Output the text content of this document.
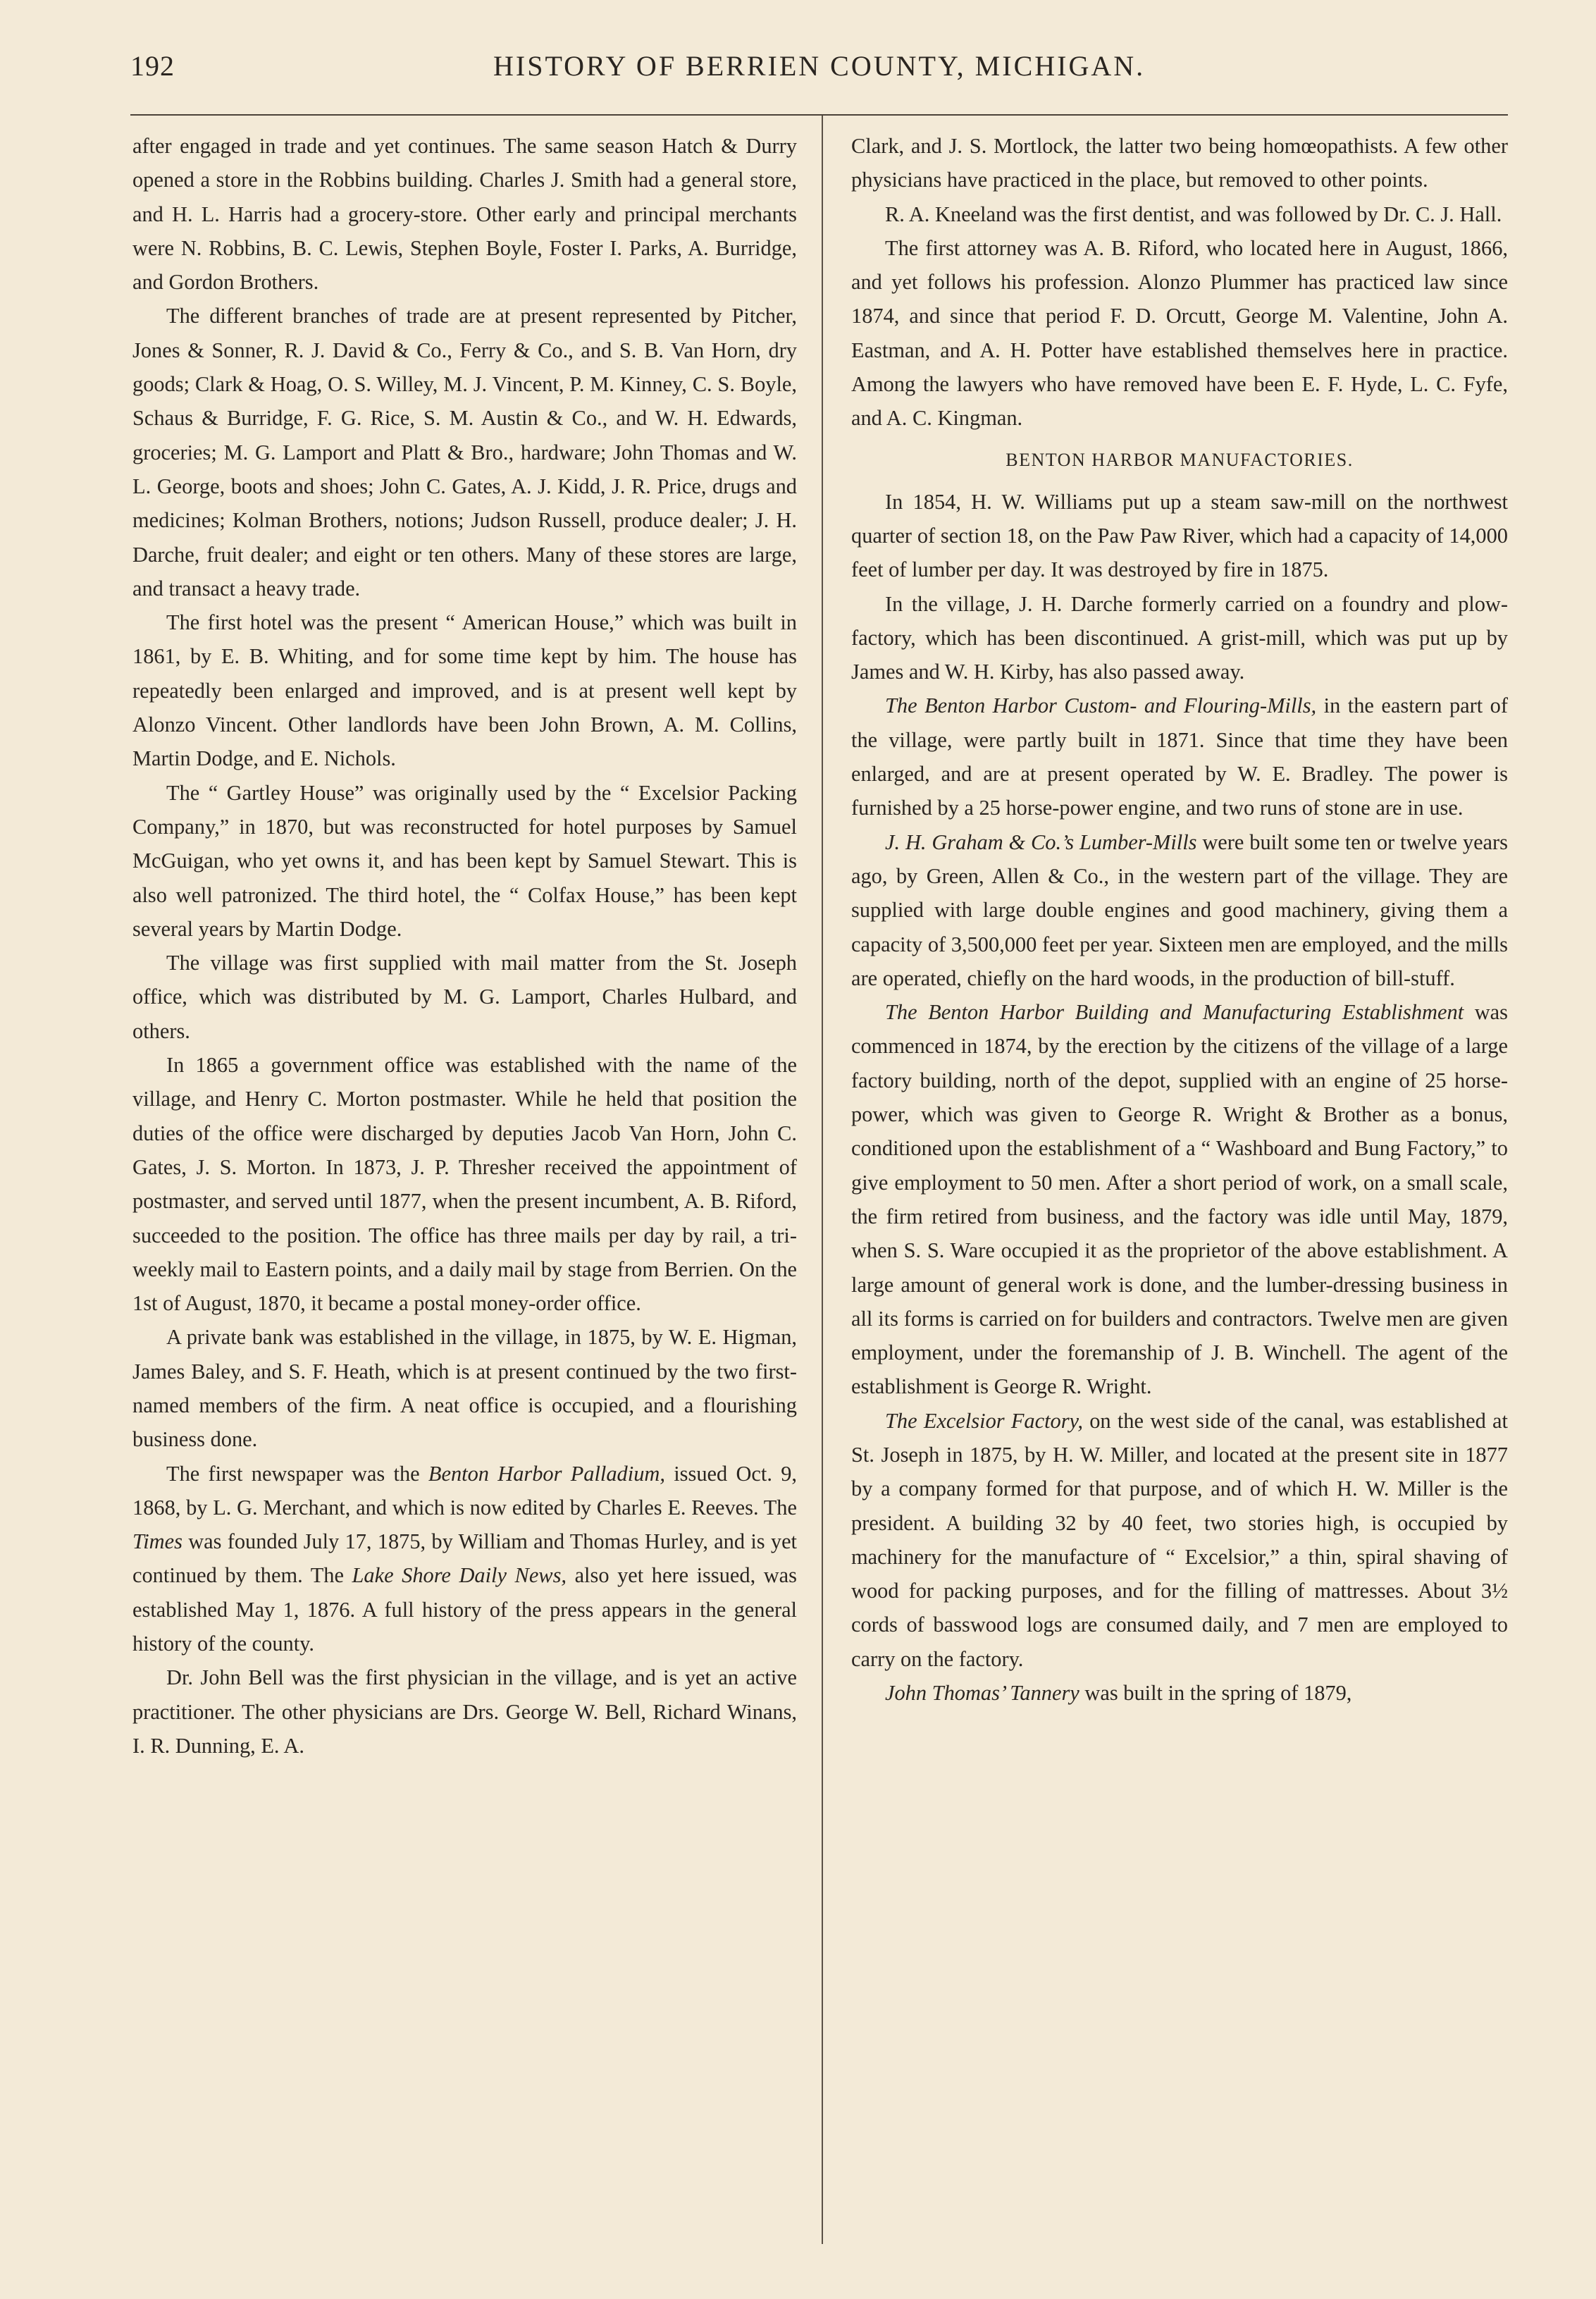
192	HISTORY OF BERRIEN COUNTY, MICHIGAN.

after engaged in trade and yet continues. The same season Hatch & Durry opened a store in the Robbins building. Charles J. Smith had a general store, and H. L. Harris had a grocery-store. Other early and principal merchants were N. Robbins, B. C. Lewis, Stephen Boyle, Foster I. Parks, A. Burridge, and Gordon Brothers.

The different branches of trade are at present represented by Pitcher, Jones & Sonner, R. J. David & Co., Ferry & Co., and S. B. Van Horn, dry goods; Clark & Hoag, O. S. Willey, M. J. Vincent, P. M. Kinney, C. S. Boyle, Schaus & Burridge, F. G. Rice, S. M. Austin & Co., and W. H. Edwards, groceries; M. G. Lamport and Platt & Bro., hardware; John Thomas and W. L. George, boots and shoes; John C. Gates, A. J. Kidd, J. R. Price, drugs and medicines; Kolman Brothers, notions; Judson Russell, produce dealer; J. H. Darche, fruit dealer; and eight or ten others. Many of these stores are large, and transact a heavy trade.

The first hotel was the present “ American House,” which was built in 1861, by E. B. Whiting, and for some time kept by him. The house has repeatedly been enlarged and improved, and is at present well kept by Alonzo Vincent. Other landlords have been John Brown, A. M. Collins, Martin Dodge, and E. Nichols.

The “ Gartley House” was originally used by the “ Excelsior Packing Company,” in 1870, but was reconstructed for hotel purposes by Samuel McGuigan, who yet owns it, and has been kept by Samuel Stewart. This is also well patronized. The third hotel, the “ Colfax House,” has been kept several years by Martin Dodge.

The village was first supplied with mail matter from the St. Joseph office, which was distributed by M. G. Lamport, Charles Hulbard, and others.

In 1865 a government office was established with the name of the village, and Henry C. Morton postmaster. While he held that position the duties of the office were discharged by deputies Jacob Van Horn, John C. Gates, J. S. Morton. In 1873, J. P. Thresher received the appointment of postmaster, and served until 1877, when the present incumbent, A. B. Riford, succeeded to the position. The office has three mails per day by rail, a tri-weekly mail to Eastern points, and a daily mail by stage from Berrien. On the 1st of August, 1870, it became a postal money-order office.

A private bank was established in the village, in 1875, by W. E. Higman, James Baley, and S. F. Heath, which is at present continued by the two first-named members of the firm. A neat office is occupied, and a flourishing business done.

The first newspaper was the Benton Harbor Palladium, issued Oct. 9, 1868, by L. G. Merchant, and which is now edited by Charles E. Reeves. The Times was founded July 17, 1875, by William and Thomas Hurley, and is yet continued by them. The Lake Shore Daily News, also yet here issued, was established May 1, 1876. A full history of the press appears in the general history of the county.

Dr. John Bell was the first physician in the village, and is yet an active practitioner. The other physicians are Drs. George W. Bell, Richard Winans, I. R. Dunning, E. A.

Clark, and J. S. Mortlock, the latter two being homœopathists. A few other physicians have practiced in the place, but removed to other points.

R. A. Kneeland was the first dentist, and was followed by Dr. C. J. Hall.

The first attorney was A. B. Riford, who located here in August, 1866, and yet follows his profession. Alonzo Plummer has practiced law since 1874, and since that period F. D. Orcutt, George M. Valentine, John A. Eastman, and A. H. Potter have established themselves here in practice. Among the lawyers who have removed have been E. F. Hyde, L. C. Fyfe, and A. C. Kingman.

BENTON HARBOR MANUFACTORIES.

In 1854, H. W. Williams put up a steam saw-mill on the northwest quarter of section 18, on the Paw Paw River, which had a capacity of 14,000 feet of lumber per day. It was destroyed by fire in 1875.

In the village, J. H. Darche formerly carried on a foundry and plow-factory, which has been discontinued. A grist-mill, which was put up by James and W. H. Kirby, has also passed away.

The Benton Harbor Custom- and Flouring-Mills, in the eastern part of the village, were partly built in 1871. Since that time they have been enlarged, and are at present operated by W. E. Bradley. The power is furnished by a 25 horse-power engine, and two runs of stone are in use.

J. H. Graham & Co.’s Lumber-Mills were built some ten or twelve years ago, by Green, Allen & Co., in the western part of the village. They are supplied with large double engines and good machinery, giving them a capacity of 3,500,000 feet per year. Sixteen men are employed, and the mills are operated, chiefly on the hard woods, in the production of bill-stuff.

The Benton Harbor Building and Manufacturing Establishment was commenced in 1874, by the erection by the citizens of the village of a large factory building, north of the depot, supplied with an engine of 25 horse-power, which was given to George R. Wright & Brother as a bonus, conditioned upon the establishment of a “ Washboard and Bung Factory,” to give employment to 50 men. After a short period of work, on a small scale, the firm retired from business, and the factory was idle until May, 1879, when S. S. Ware occupied it as the proprietor of the above establishment. A large amount of general work is done, and the lumber-dressing business in all its forms is carried on for builders and contractors. Twelve men are given employment, under the foremanship of J. B. Winchell. The agent of the establishment is George R. Wright.

The Excelsior Factory, on the west side of the canal, was established at St. Joseph in 1875, by H. W. Miller, and located at the present site in 1877 by a company formed for that purpose, and of which H. W. Miller is the president. A building 32 by 40 feet, two stories high, is occupied by machinery for the manufacture of “ Excelsior,” a thin, spiral shaving of wood for packing purposes, and for the filling of mattresses. About 3½ cords of basswood logs are consumed daily, and 7 men are employed to carry on the factory.

John Thomas’ Tannery was built in the spring of 1879,
